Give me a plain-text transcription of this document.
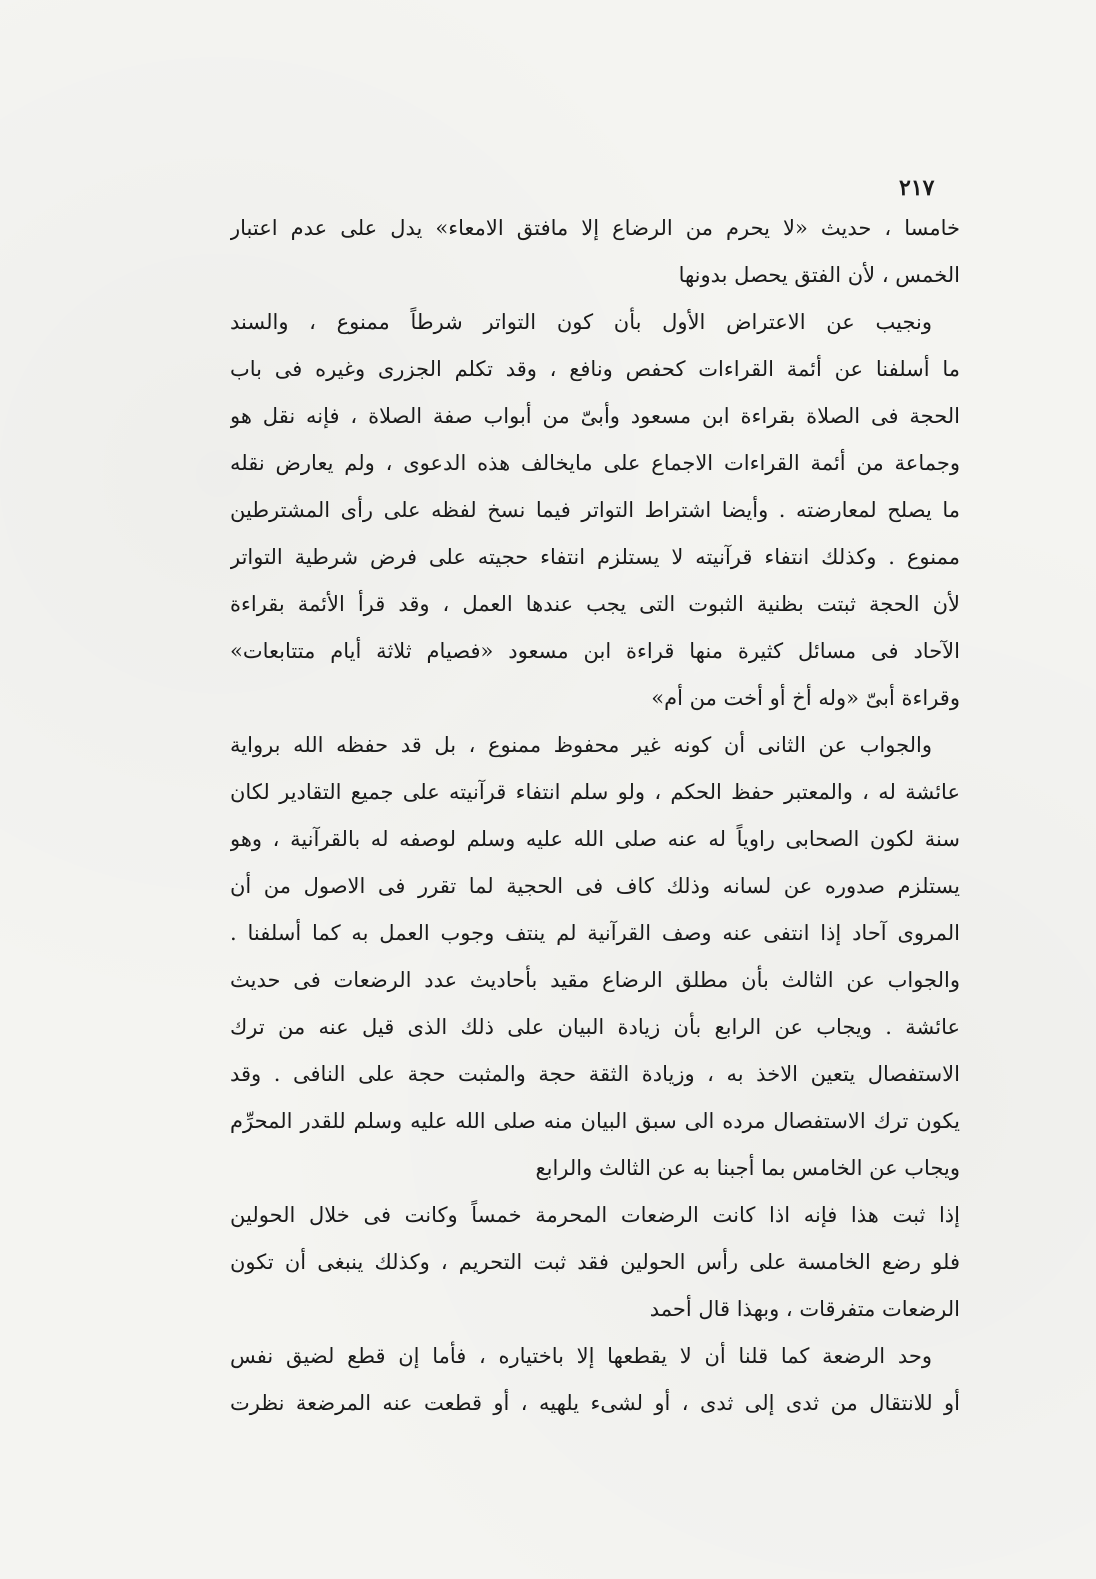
٢١٧
خامسا ، حديث «لا يحرم من الرضاع إلا مافتق الامعاء» يدل على عدم اعتبار
الخمس ، لأن الفتق يحصل بدونها
ونجيب عن الاعتراض الأول بأن كون التواتر شرطاً ممنوع ، والسند
ما أسلفنا عن أئمة القراءات كحفص ونافع ، وقد تكلم الجزرى وغيره فى باب
الحجة فى الصلاة بقراءة ابن مسعود وأبىّ من أبواب صفة الصلاة ، فإنه نقل هو
وجماعة من أئمة القراءات الاجماع على مايخالف هذه الدعوى ، ولم يعارض نقله
ما يصلح لمعارضته . وأيضا اشتراط التواتر فيما نسخ لفظه على رأى المشترطين
ممنوع . وكذلك انتفاء قرآنيته لا يستلزم انتفاء حجيته على فرض شرطية التواتر
لأن الحجة ثبتت بظنية الثبوت التى يجب عندها العمل ، وقد قرأ الأئمة بقراءة
الآحاد فى مسائل كثيرة منها قراءة ابن مسعود «فصيام ثلاثة أيام متتابعات»
وقراءة أبىّ «وله أخ أو أخت من أم»
والجواب عن الثانى أن كونه غير محفوظ ممنوع ، بل قد حفظه الله برواية
عائشة له ، والمعتبر حفظ الحكم ، ولو سلم انتفاء قرآنيته على جميع التقادير لكان
سنة لكون الصحابى راوياً له عنه صلى الله عليه وسلم لوصفه له بالقرآنية ، وهو
يستلزم صدوره عن لسانه وذلك كاف فى الحجية لما تقرر فى الاصول من أن
المروى آحاد إذا انتفى عنه وصف القرآنية لم ينتف وجوب العمل به كما أسلفنا .
والجواب عن الثالث بأن مطلق الرضاع مقيد بأحاديث عدد الرضعات فى حديث
عائشة . ويجاب عن الرابع بأن زيادة البيان على ذلك الذى قيل عنه من ترك
الاستفصال يتعين الاخذ به ، وزيادة الثقة حجة والمثبت حجة على النافى . وقد
يكون ترك الاستفصال مرده الى سبق البيان منه صلى الله عليه وسلم للقدر المحرِّم
ويجاب عن الخامس بما أجبنا به عن الثالث والرابع
إذا ثبت هذا فإنه اذا كانت الرضعات المحرمة خمساً وكانت فى خلال الحولين
فلو رضع الخامسة على رأس الحولين فقد ثبت التحريم ، وكذلك ينبغى أن تكون
الرضعات متفرقات ، وبهذا قال أحمد
وحد الرضعة كما قلنا أن لا يقطعها إلا باختياره ، فأما إن قطع لضيق نفس
أو للانتقال من ثدى إلى ثدى ، أو لشىء يلهيه ، أو قطعت عنه المرضعة نظرت
